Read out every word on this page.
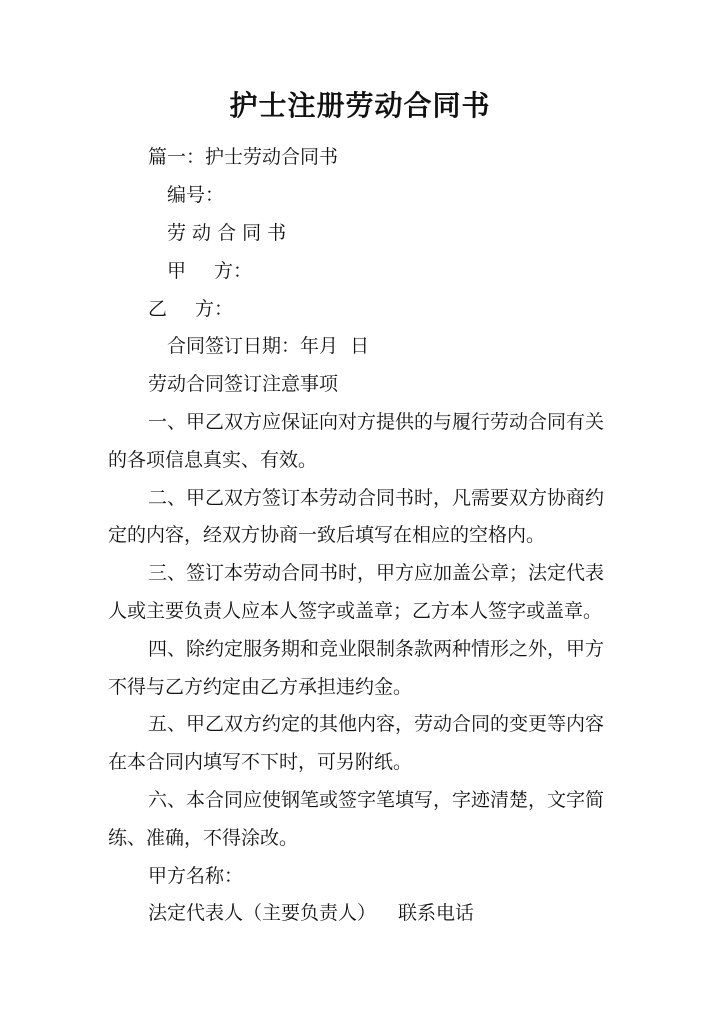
护士注册劳动合同书

篇一：护士劳动合同书

编号：

劳 动 合 同 书

甲 方：

乙 方：

合同签订日期：年月  日

劳动合同签订注意事项

一、甲乙双方应保证向对方提供的与履行劳动合同有关

的各项信息真实、有效。

二、甲乙双方签订本劳动合同书时，凡需要双方协商约

定的内容，经双方协商一致后填写在相应的空格内。

三、签订本劳动合同书时，甲方应加盖公章；法定代表

人或主要负责人应本人签字或盖章；乙方本人签字或盖章。

四、除约定服务期和竞业限制条款两种情形之外，甲方

不得与乙方约定由乙方承担违约金。

五、甲乙双方约定的其他内容，劳动合同的变更等内容

在本合同内填写不下时，可另附纸。

六、本合同应使钢笔或签字笔填写，字迹清楚，文字简

练、准确，不得涂改。

甲方名称：

法定代表人（主要负责人） 联系电话
